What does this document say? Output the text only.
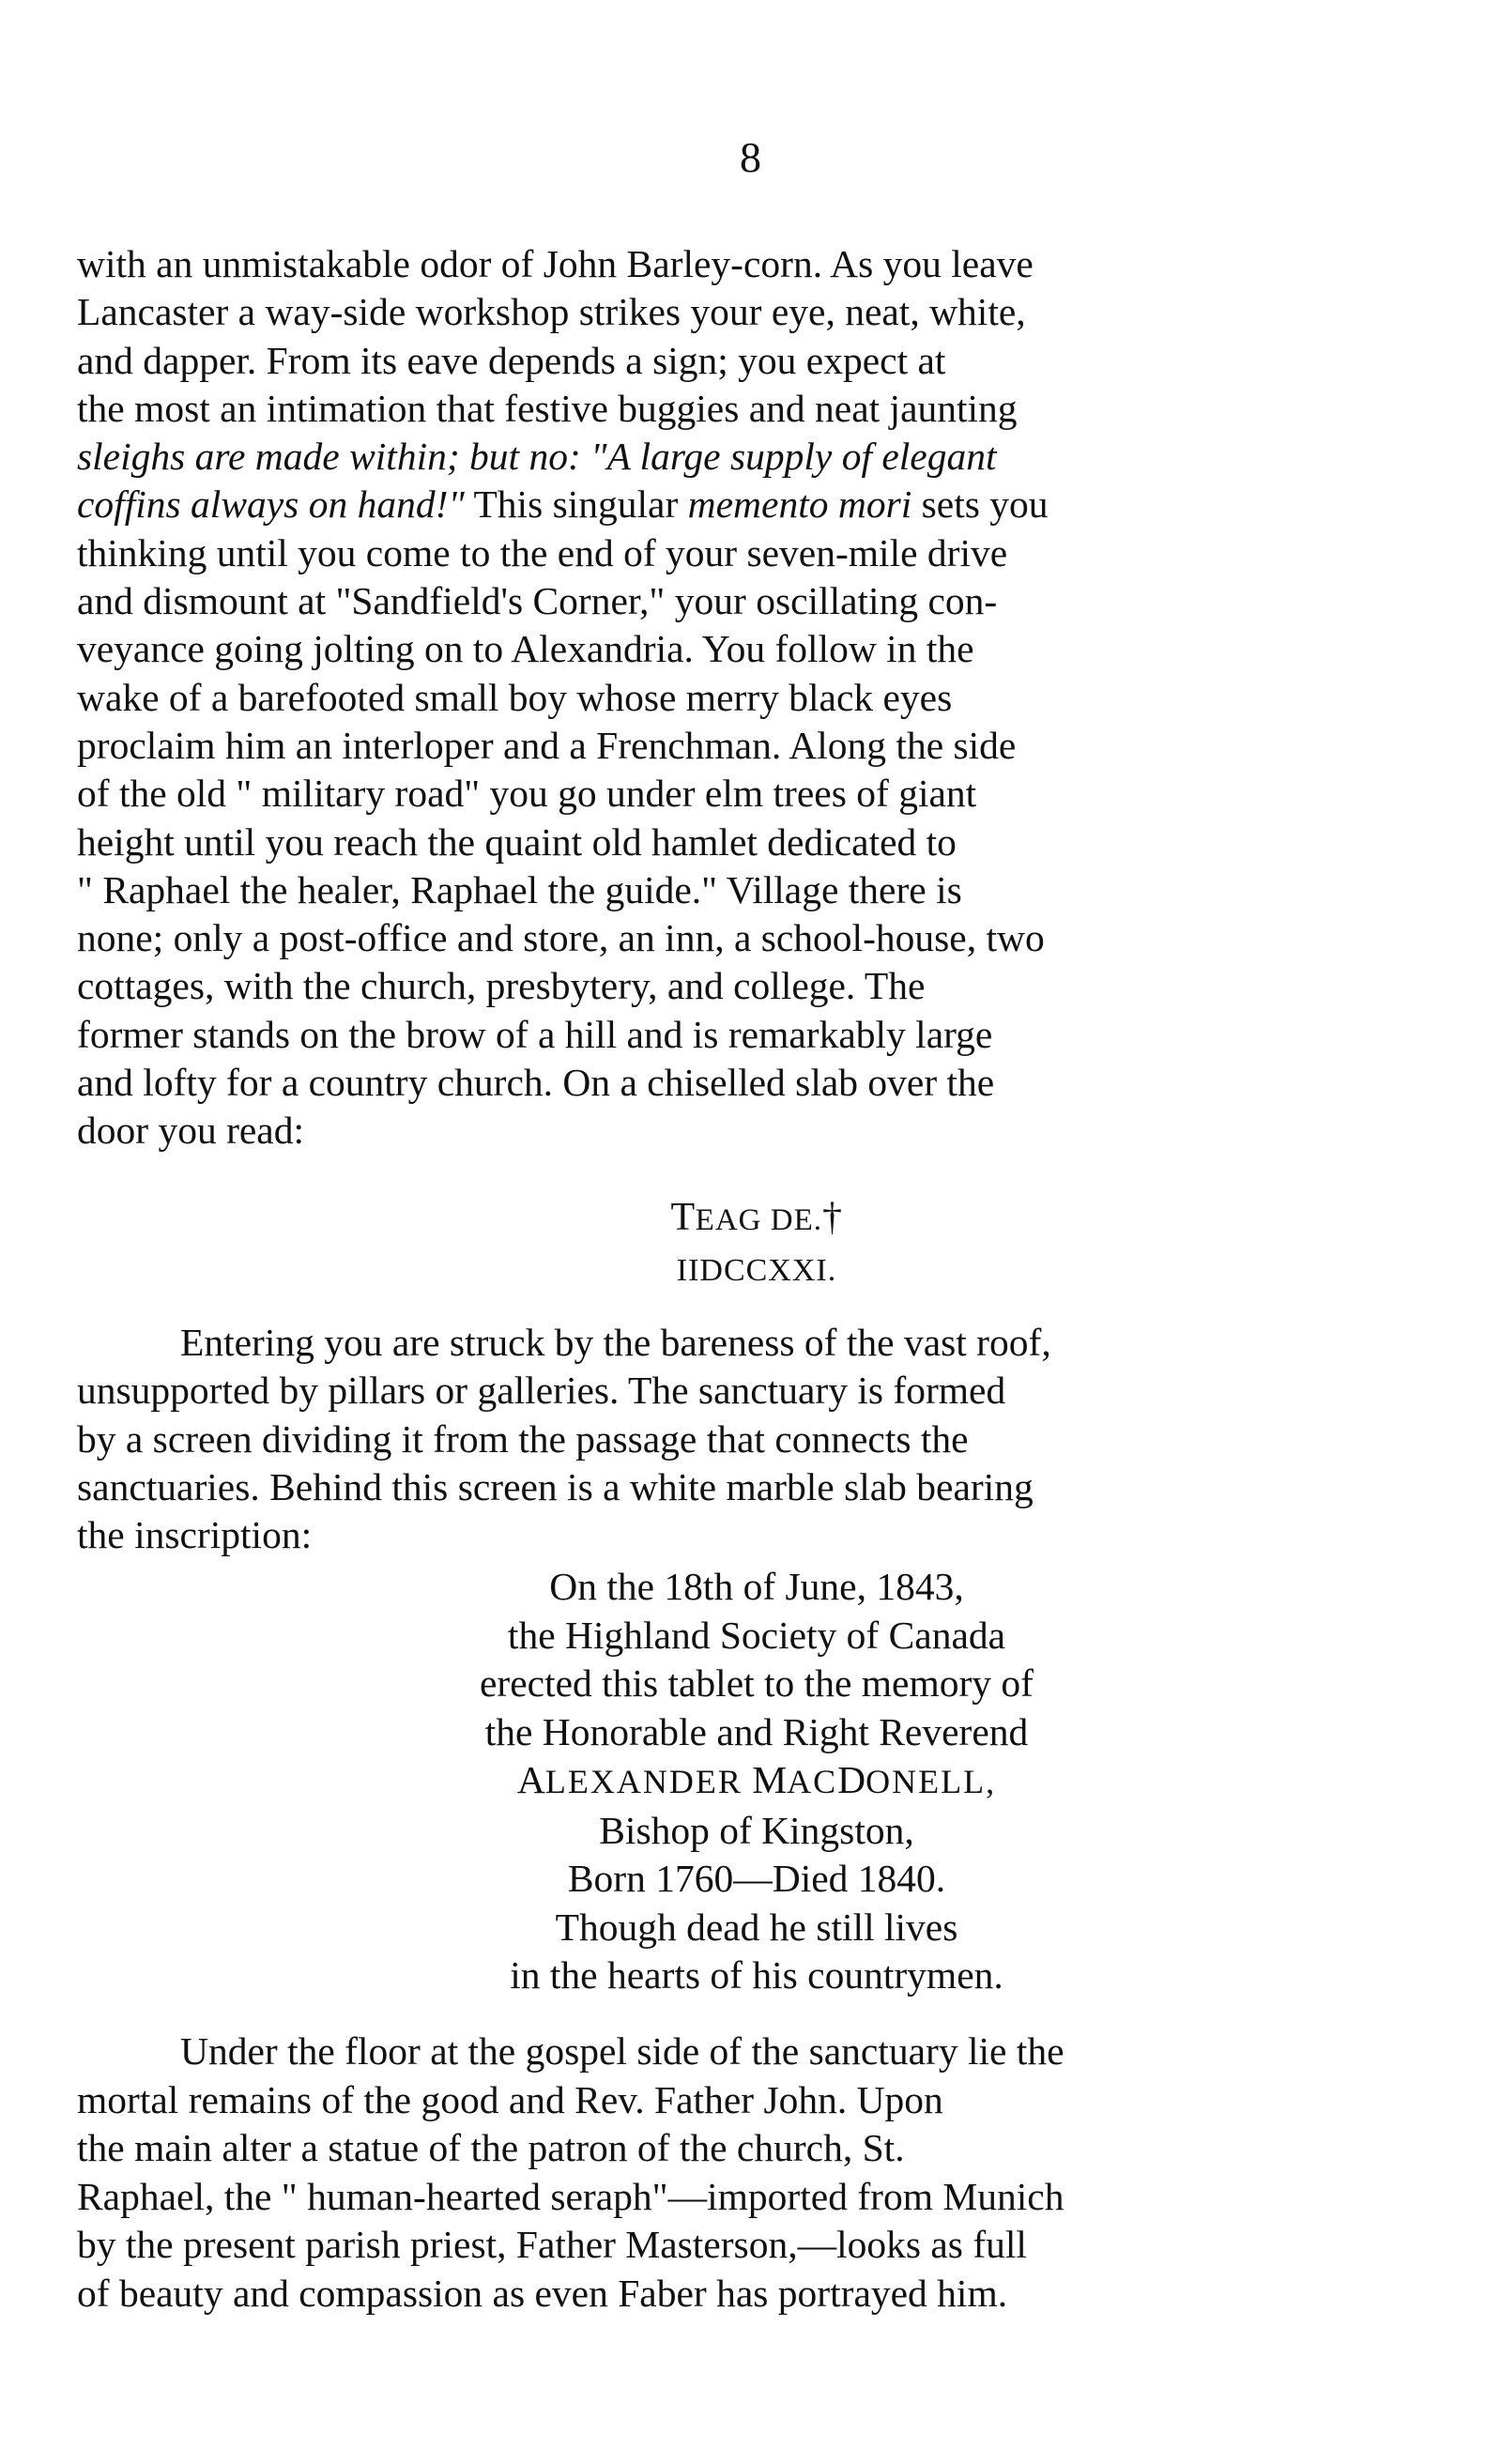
8
with an unmistakable odor of John Barley-corn. As you leave
Lancaster a way-side workshop strikes your eye, neat, white,
and dapper. From its eave depends a sign; you expect at
the most an intimation that festive buggies and neat jaunting
sleighs are made within; but no: "A large supply of elegant
coffins always on hand!" This singular memento mori sets you
thinking until you come to the end of your seven-mile drive
and dismount at "Sandfield's Corner," your oscillating con-
veyance going jolting on to Alexandria. You follow in the
wake of a barefooted small boy whose merry black eyes
proclaim him an interloper and a Frenchman. Along the side
of the old " military road" you go under elm trees of giant
height until you reach the quaint old hamlet dedicated to
" Raphael the healer, Raphael the guide." Village there is
none; only a post-office and store, an inn, a school-house, two
cottages, with the church, presbytery, and college. The
former stands on the brow of a hill and is remarkably large
and lofty for a country church. On a chiselled slab over the
door you read:
TEAG DE.†
IIDCCXXI.
Entering you are struck by the bareness of the vast roof,
unsupported by pillars or galleries. The sanctuary is formed
by a screen dividing it from the passage that connects the
sanctuaries. Behind this screen is a white marble slab bearing
the inscription:
On the 18th of June, 1843,
the Highland Society of Canada
erected this tablet to the memory of
the Honorable and Right Reverend
ALEXANDER MACDONELL,
Bishop of Kingston,
Born 1760—Died 1840.
Though dead he still lives
in the hearts of his countrymen.
Under the floor at the gospel side of the sanctuary lie the
mortal remains of the good and Rev. Father John. Upon
the main alter a statue of the patron of the church, St.
Raphael, the " human-hearted seraph"—imported from Munich
by the present parish priest, Father Masterson,—looks as full
of beauty and compassion as even Faber has portrayed him.
